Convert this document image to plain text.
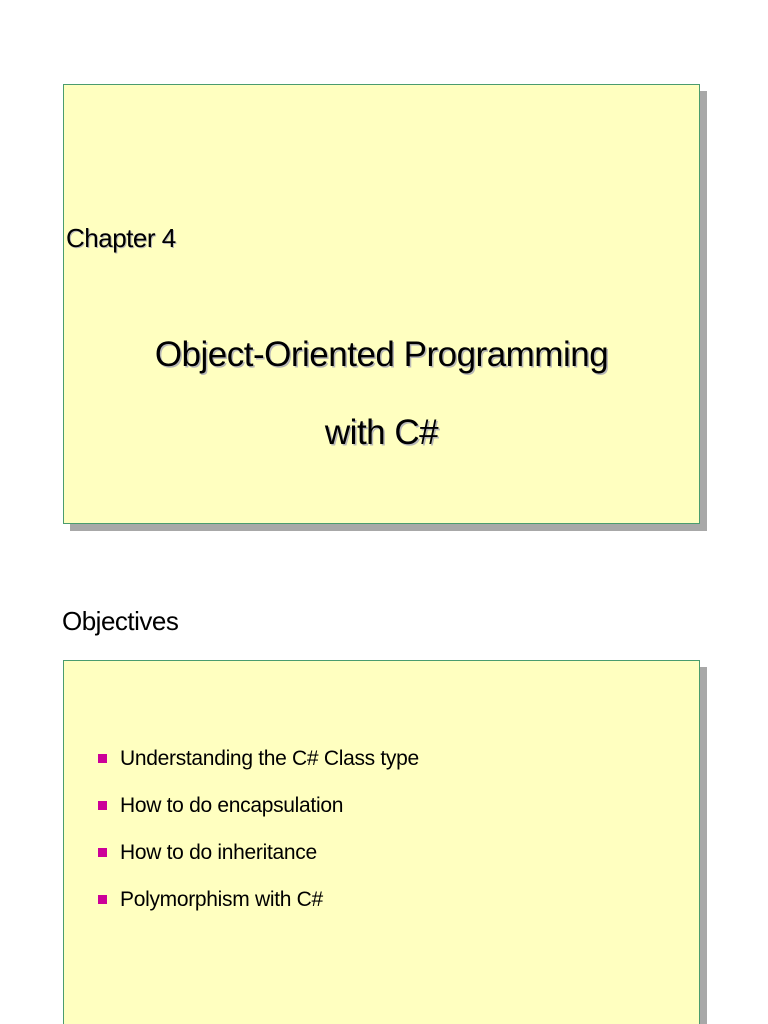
Chapter 4
Object-Oriented Programming
with C#
Objectives
Understanding the C# Class type
How to do encapsulation
How to do inheritance
Polymorphism with C#
